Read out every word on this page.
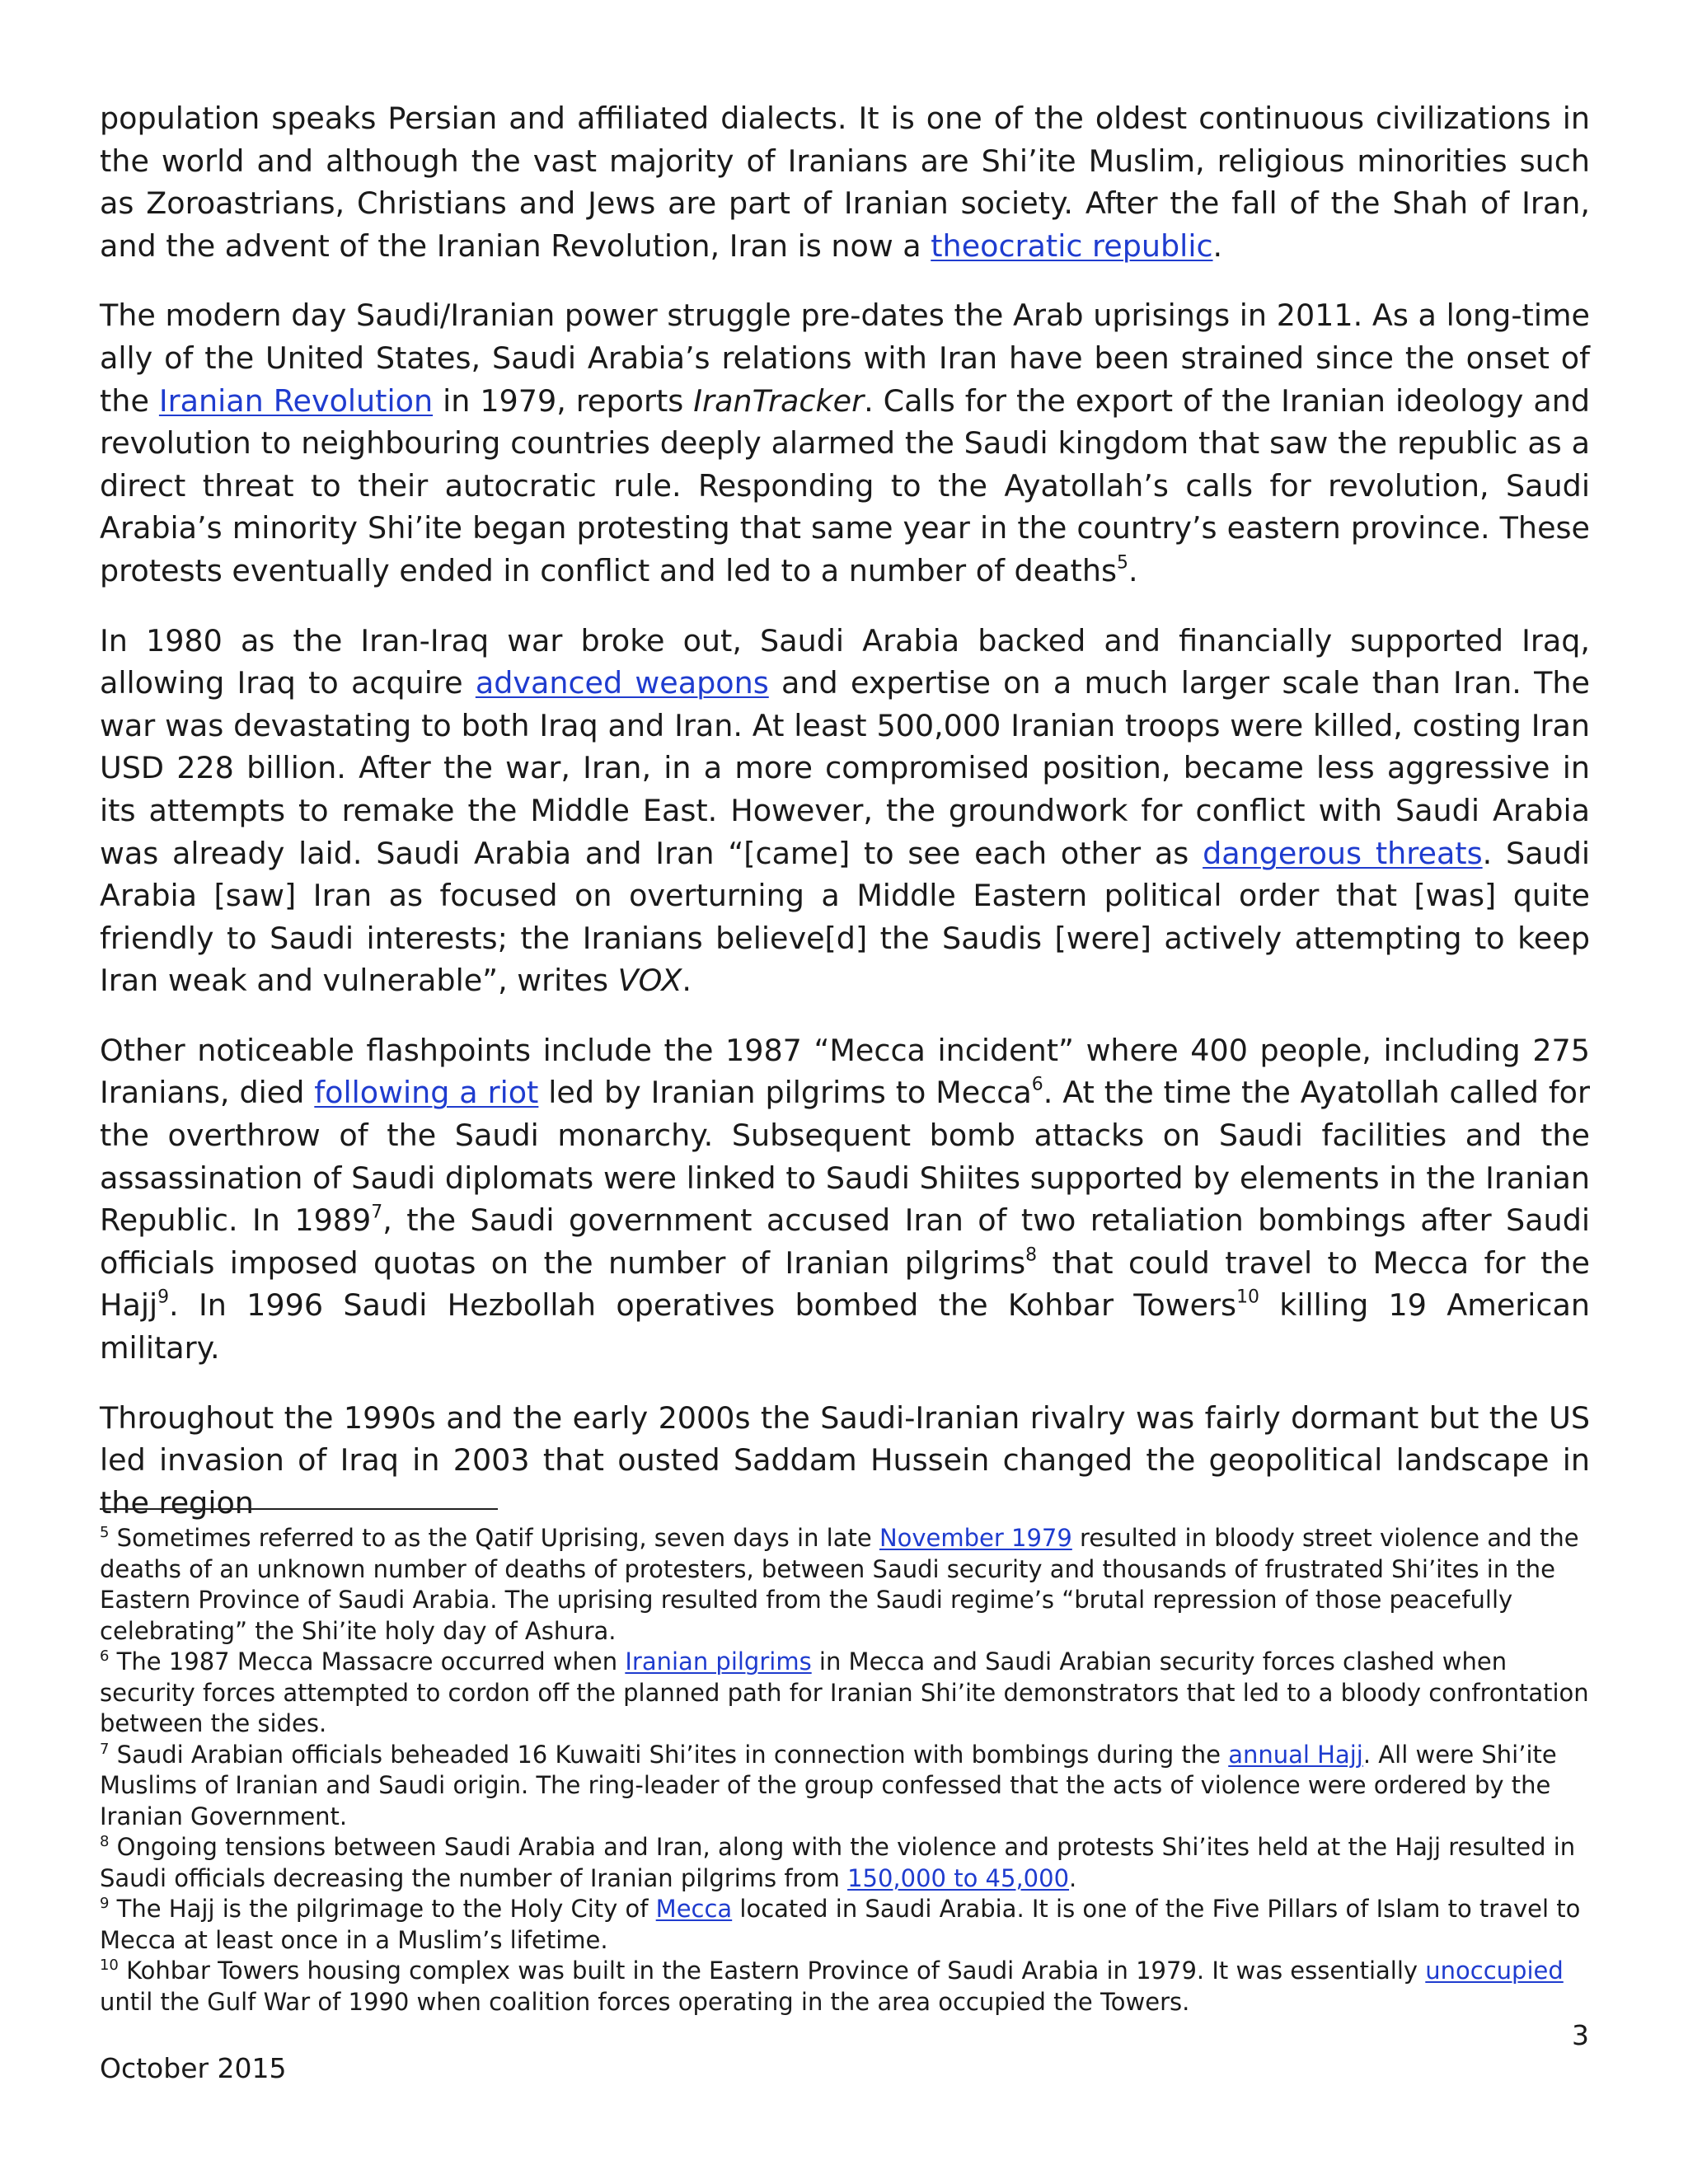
population speaks Persian and affiliated dialects. It is one of the oldest continuous civilizations in the world and although the vast majority of Iranians are Shi’ite Muslim, religious minorities such as Zoroastrians, Christians and Jews are part of Iranian society. After the fall of the Shah of Iran, and the advent of the Iranian Revolution, Iran is now a theocratic republic.

The modern day Saudi/Iranian power struggle pre-dates the Arab uprisings in 2011. As a long-time ally of the United States, Saudi Arabia’s relations with Iran have been strained since the onset of the Iranian Revolution in 1979, reports IranTracker. Calls for the export of the Iranian ideology and revolution to neighbouring countries deeply alarmed the Saudi kingdom that saw the republic as a direct threat to their autocratic rule. Responding to the Ayatollah’s calls for revolution, Saudi Arabia’s minority Shi’ite began protesting that same year in the country’s eastern province. These protests eventually ended in conflict and led to a number of deaths$^5$.

In 1980 as the Iran-Iraq war broke out, Saudi Arabia backed and financially supported Iraq, allowing Iraq to acquire advanced weapons and expertise on a much larger scale than Iran. The war was devastating to both Iraq and Iran. At least 500,000 Iranian troops were killed, costing Iran USD 228 billion. After the war, Iran, in a more compromised position, became less aggressive in its attempts to remake the Middle East. However, the groundwork for conflict with Saudi Arabia was already laid. Saudi Arabia and Iran “[came] to see each other as dangerous threats. Saudi Arabia [saw] Iran as focused on overturning a Middle Eastern political order that [was] quite friendly to Saudi interests; the Iranians believe[d] the Saudis [were] actively attempting to keep Iran weak and vulnerable”, writes VOX.

Other noticeable flashpoints include the 1987 “Mecca incident” where 400 people, including 275 Iranians, died following a riot led by Iranian pilgrims to Mecca$^6$. At the time the Ayatollah called for the overthrow of the Saudi monarchy. Subsequent bomb attacks on Saudi facilities and the assassination of Saudi diplomats were linked to Saudi Shiites supported by elements in the Iranian Republic. In 1989$^7$, the Saudi government accused Iran of two retaliation bombings after Saudi officials imposed quotas on the number of Iranian pilgrims$^8$ that could travel to Mecca for the Hajj$^9$. In 1996 Saudi Hezbollah operatives bombed the Kohbar Towers$^{10}$ killing 19 American military.

Throughout the 1990s and the early 2000s the Saudi-Iranian rivalry was fairly dormant but the US led invasion of Iraq in 2003 that ousted Saddam Hussein changed the geopolitical landscape in the region

$^5$ Sometimes referred to as the Qatif Uprising, seven days in late November 1979 resulted in bloody street violence and the deaths of an unknown number of deaths of protesters, between Saudi security and thousands of frustrated Shi’ites in the Eastern Province of Saudi Arabia. The uprising resulted from the Saudi regime’s “brutal repression of those peacefully celebrating” the Shi’ite holy day of Ashura.

$^6$ The 1987 Mecca Massacre occurred when Iranian pilgrims in Mecca and Saudi Arabian security forces clashed when security forces attempted to cordon off the planned path for Iranian Shi’ite demonstrators that led to a bloody confrontation between the sides.

$^7$ Saudi Arabian officials beheaded 16 Kuwaiti Shi’ites in connection with bombings during the annual Hajj. All were Shi’ite Muslims of Iranian and Saudi origin. The ring-leader of the group confessed that the acts of violence were ordered by the Iranian Government.

$^8$ Ongoing tensions between Saudi Arabia and Iran, along with the violence and protests Shi’ites held at the Hajj resulted in Saudi officials decreasing the number of Iranian pilgrims from 150,000 to 45,000.

$^9$ The Hajj is the pilgrimage to the Holy City of Mecca located in Saudi Arabia. It is one of the Five Pillars of Islam to travel to Mecca at least once in a Muslim’s lifetime.

$^{10}$ Kohbar Towers housing complex was built in the Eastern Province of Saudi Arabia in 1979. It was essentially unoccupied until the Gulf War of 1990 when coalition forces operating in the area occupied the Towers.

3
October 2015
